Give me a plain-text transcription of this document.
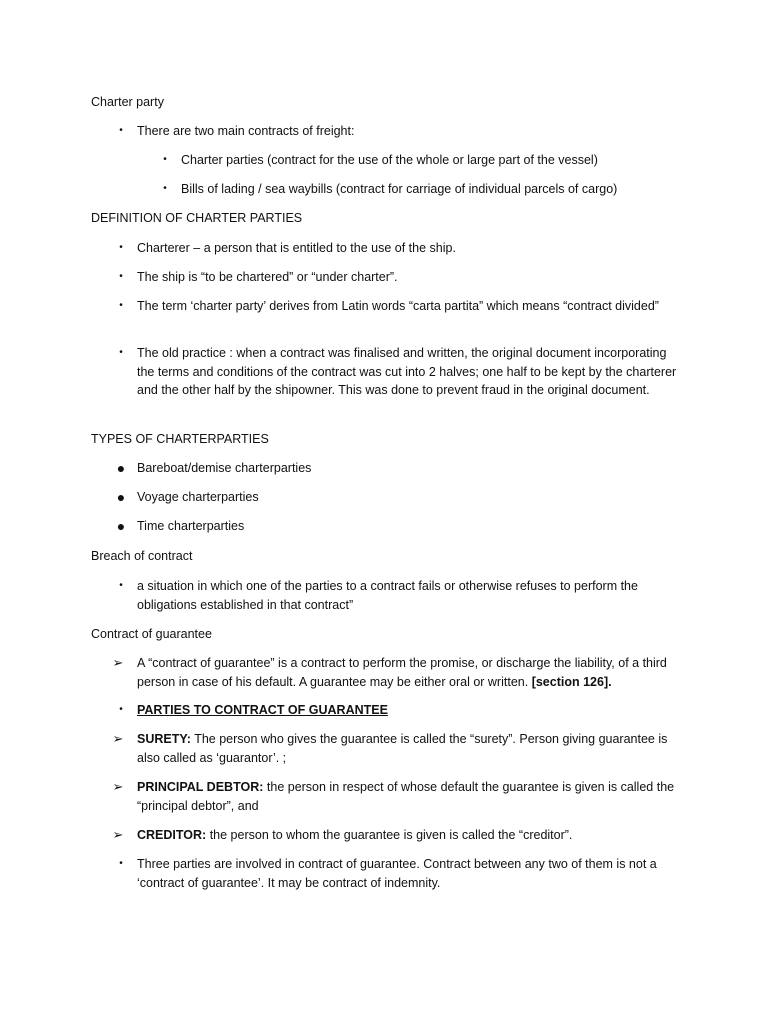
Charter party
•	There are two main contracts of freight:
•	Charter parties (contract for the use of the whole or large part of the vessel)
•	Bills of lading / sea waybills (contract for carriage of individual parcels of cargo)
DEFINITION OF CHARTER PARTIES
•	Charterer – a person that is entitled to the use of the ship.
•	The ship is “to be chartered” or “under charter”.
•	The term ‘charter party’ derives from Latin words “carta partita” which means “contract divided”
•	The old practice : when a contract was finalised and written, the original document incorporating the terms and conditions of the contract was cut into 2 halves; one half to be kept by the charterer and the other half by the shipowner. This was done to prevent fraud in the original document.
TYPES OF CHARTERPARTIES
● Bareboat/demise charterparties
● Voyage charterparties
● Time charterparties
Breach of contract
•	a situation in which one of the parties to a contract fails or otherwise refuses to perform the obligations established in that contract”
Contract of guarantee
➢ A “contract of guarantee” is a contract to perform the promise, or discharge the liability, of a third person in case of his default. A guarantee may be either oral or written. [section 126].
•	PARTIES TO CONTRACT OF GUARANTEE
➢ SURETY: The person who gives the guarantee is called the “surety”. Person giving guarantee is also called as ‘guarantor’. ;
➢ PRINCIPAL DEBTOR: the person in respect of whose default the guarantee is given is called the “principal debtor”, and
➢ CREDITOR: the person to whom the guarantee is given is called the “creditor”.
•	Three parties are involved in contract of guarantee. Contract between any two of them is not a ‘contract of guarantee’. It may be contract of indemnity.
